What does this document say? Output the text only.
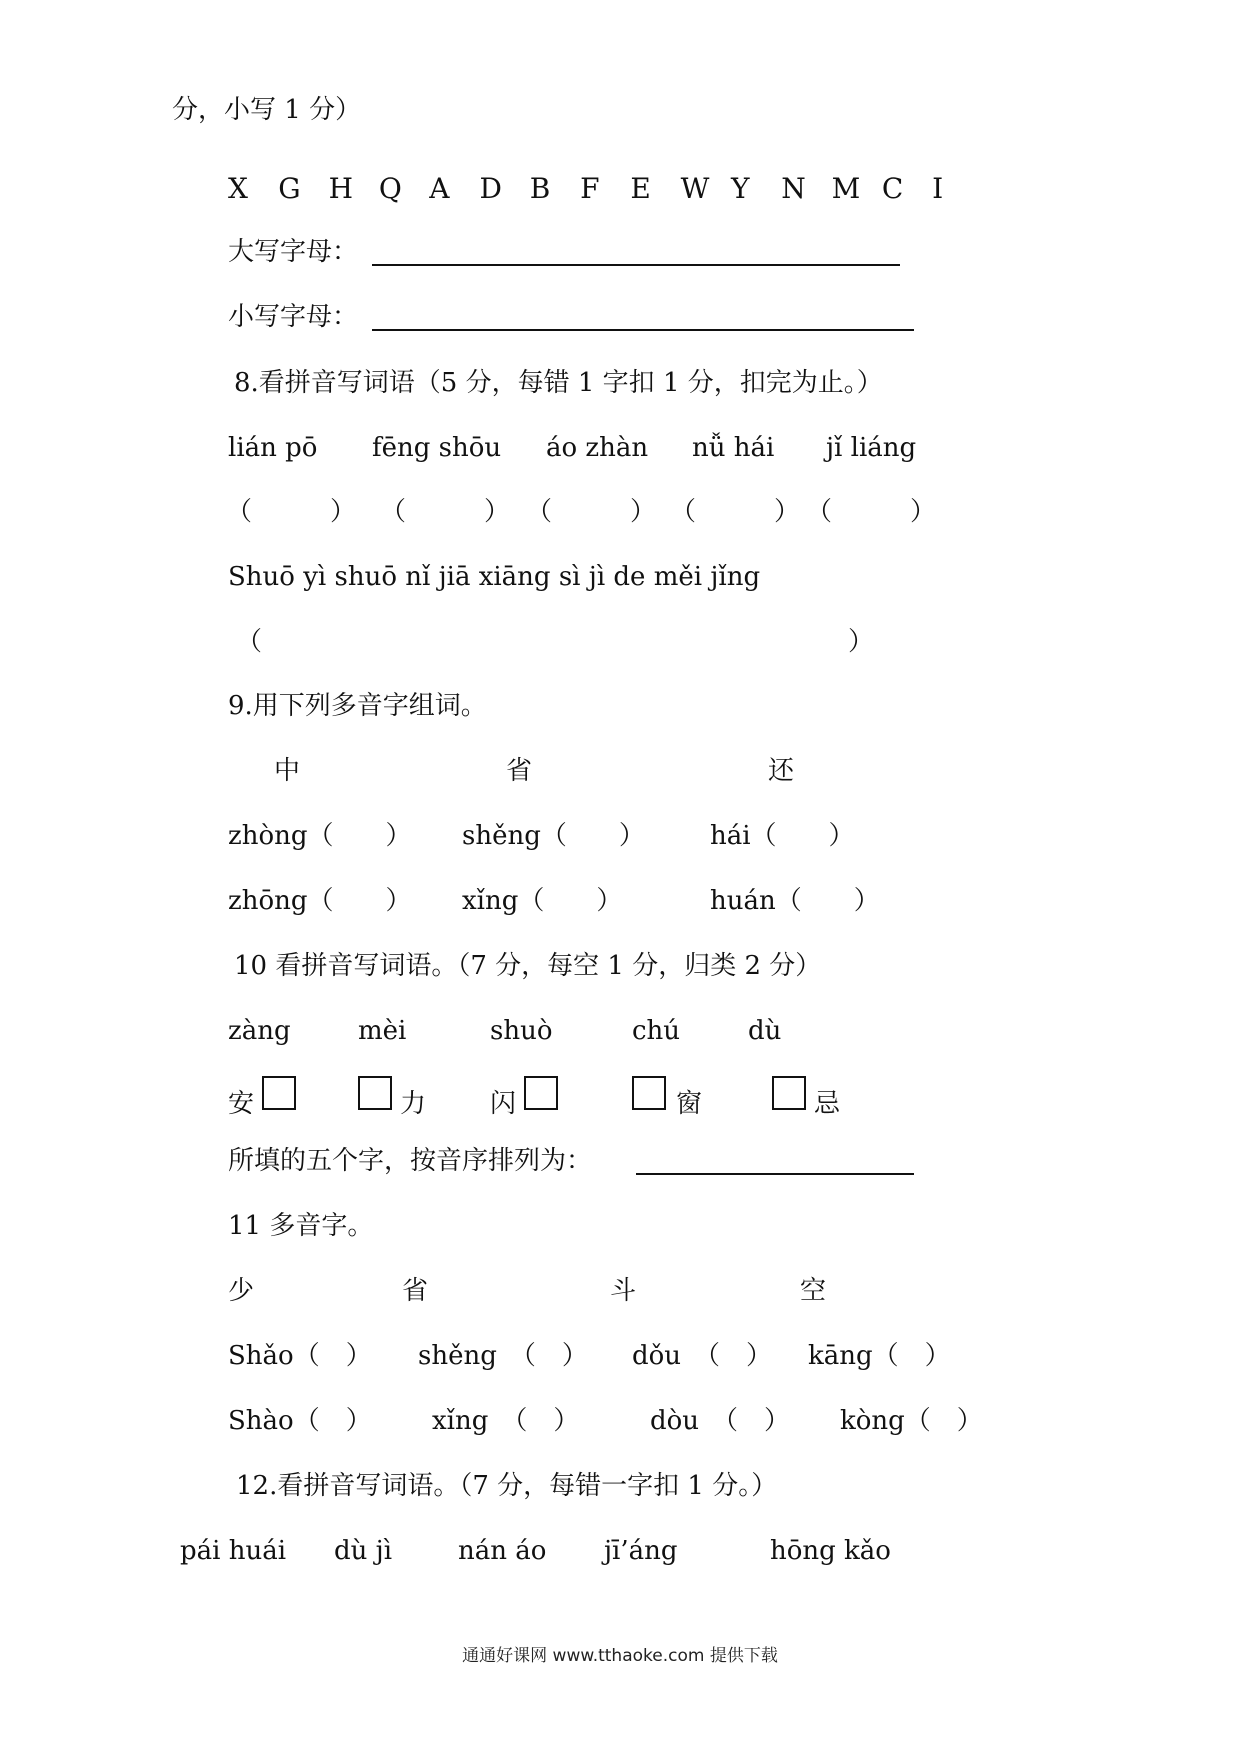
分，小写 1 分）
X G H Q A D B F E W Y N M C I
大写字母：
小写字母：
8.看拼音写词语（5 分，每错 1 字扣 1 分，扣完为止。）
lián pō fēng shōu áo zhàn nǚ hái jǐ liáng
（　　　） （　　　） （　　　） （　　　） （　　　）
Shuō yì shuō nǐ jiā xiāng sì jì de měi jǐng
（	）
9.用下列多音字组词。
中	省	还
zhòng（　　） shěng（　　）	hái（　　）
zhōng（　　） xǐng（　　）	huán（　　）
10 看拼音写词语。（7 分，每空 1 分，归类 2 分）
zàng	mèi	shuò	chú	dù
安	力 闪	窗	忌
所填的五个字，按音序排列为：
11 多音字。
少	省	斗	空
Shǎo（　） shěng　（　） dǒu　（　） kāng（　）
Shào（　） xǐng　（　）	dòu　（　） kòng（　）
12.看拼音写词语。（7 分，每错一字扣 1 分。）
pái huái dù jì	nán áo jī’áng	hōng kǎo
通通好课网 www.tthaoke.com 提供下载
